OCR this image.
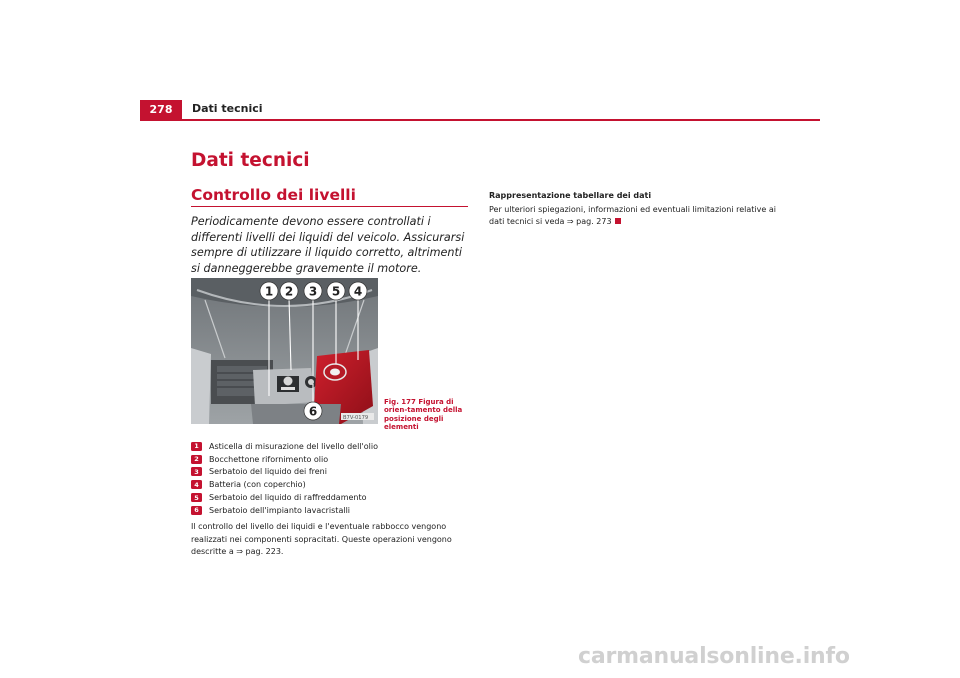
278	Dati tecnici
Dati tecnici
Controllo dei livelli
Periodicamente devono essere controllati i differenti livelli dei liquidi del veicolo. Assicurarsi sempre di utilizzare il liquido corretto, altrimenti si danneggerebbe gravemente il motore.
B7V-0179
1 2 3 5 4
6
Fig. 177 Figura di orien-tamento della posizione degli elementi
1	Asticella di misurazione del livello dell'olio
2	Bocchettone rifornimento olio
3	Serbatoio del liquido dei freni
4	Batteria (con coperchio)
5	Serbatoio del liquido di raffreddamento
6	Serbatoio dell'impianto lavacristalli
Il controllo del livello dei liquidi e l'eventuale rabbocco vengono realizzati nei componenti sopracitati. Queste operazioni vengono descritte a ⇒ pag. 223.
Rappresentazione tabellare dei dati
Per ulteriori spiegazioni, informazioni ed eventuali limitazioni relative ai dati tecnici si veda ⇒ pag. 273
carmanualsonline.info
